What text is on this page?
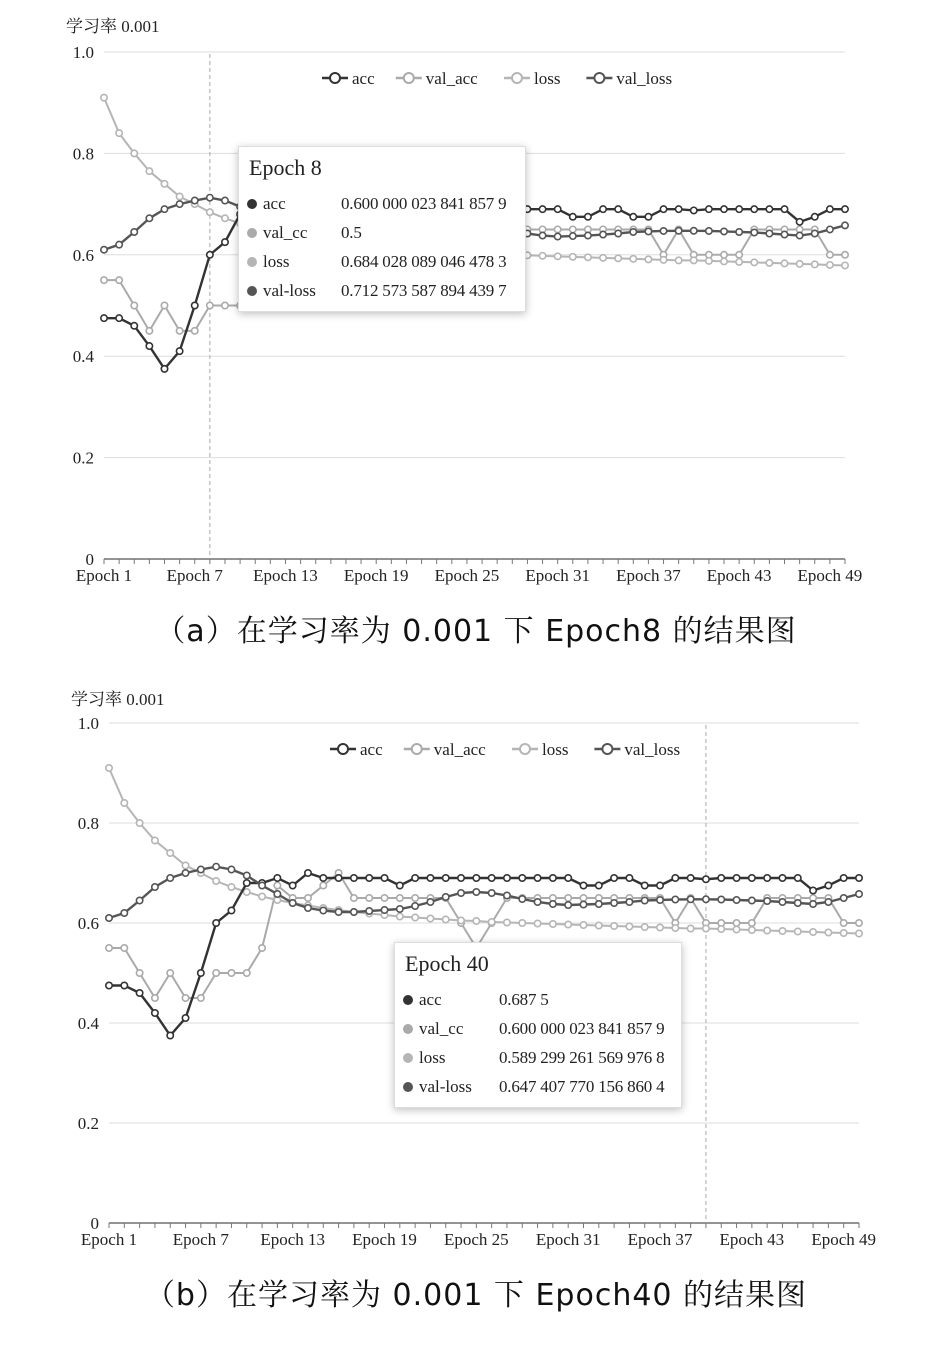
学习率 0.001
0
0.2
0.4
0.6
0.8
1.0
Epoch 1 Epoch 7 Epoch 13 Epoch 19 Epoch 25 Epoch 31 Epoch 37 Epoch 43 Epoch 49
acc	val_acc	loss	val_loss
Epoch 8
acc	0.600 000 023 841 857 9
val_cc	0.5
loss	0.684 028 089 046 478 3
val-loss	0.712 573 587 894 439 7
（a）在学习率为 0.001 下 Epoch8 的结果图
学习率 0.001
0
0.2
0.4
0.6
0.8
1.0
Epoch 1 Epoch 7 Epoch 13 Epoch 19 Epoch 25 Epoch 31 Epoch 37 Epoch 43 Epoch 49
acc	val_acc	loss	val_loss
Epoch 40
acc	0.687 5
val_cc	0.600 000 023 841 857 9
loss	0.589 299 261 569 976 8
val-loss	0.647 407 770 156 860 4
（b）在学习率为 0.001 下 Epoch40 的结果图
